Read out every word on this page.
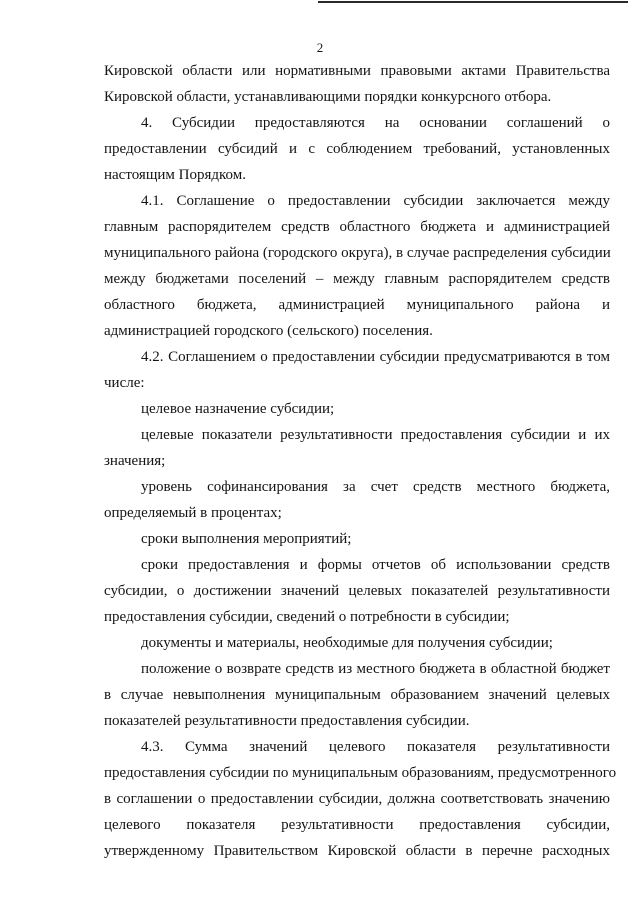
2
Кировской области или нормативными правовыми актами Правительства
Кировской области, устанавливающими порядки конкурсного отбора.
4. Субсидии предоставляются на основании соглашений о
предоставлении субсидий и с соблюдением требований, установленных
настоящим Порядком.
4.1. Соглашение о предоставлении субсидии заключается между
главным распорядителем средств областного бюджета и администрацией
муниципального района (городского округа), в случае распределения субсидии
между бюджетами поселений – между главным распорядителем средств
областного бюджета, администрацией муниципального района и
администрацией городского (сельского) поселения.
4.2. Соглашением о предоставлении субсидии предусматриваются в том
числе:
целевое назначение субсидии;
целевые показатели результативности предоставления субсидии и их
значения;
уровень софинансирования за счет средств местного бюджета,
определяемый в процентах;
сроки выполнения мероприятий;
сроки предоставления и формы отчетов об использовании средств
субсидии, о достижении значений целевых показателей результативности
предоставления субсидии, сведений о потребности в субсидии;
документы и материалы, необходимые для получения субсидии;
положение о возврате средств из местного бюджета в областной бюджет
в случае невыполнения муниципальным образованием значений целевых
показателей результативности предоставления субсидии.
4.3. Сумма значений целевого показателя результативности
предоставления субсидии по муниципальным образованиям, предусмотренного
в соглашении о предоставлении субсидии, должна соответствовать значению
целевого показателя результативности предоставления субсидии,
утвержденному Правительством Кировской области в перечне расходных
